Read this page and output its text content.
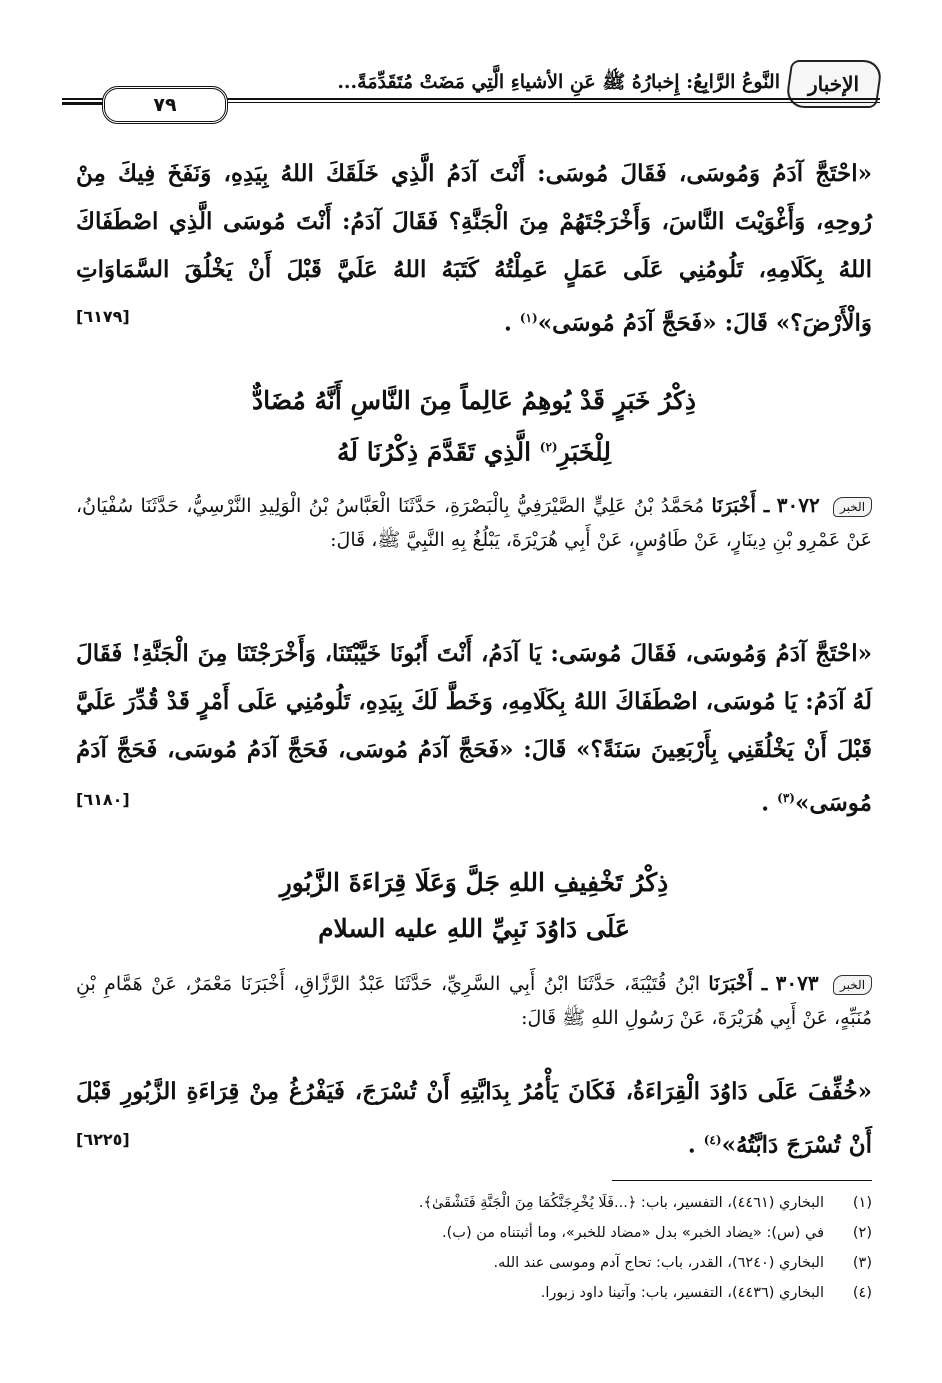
الإخبار
النَّوعُ الرَّابِعُ: إِخبارُهُ ﷺ عَنِ الأشياءِ الَّتِي مَضَتْ مُتَقَدِّمَةً...
٧٩
«احْتَجَّ آدَمُ وَمُوسَى، فَقَالَ مُوسَى: أَنْتَ آدَمُ الَّذِي خَلَقَكَ اللهُ بِيَدِهِ، وَنَفَخَ فِيكَ مِنْ رُوحِهِ، وَأَغْوَيْتَ النَّاسَ، وَأَخْرَجْتَهُمْ مِنَ الْجَنَّةِ؟ فَقَالَ آدَمُ: أَنْتَ مُوسَى الَّذِي اصْطَفَاكَ اللهُ بِكَلَامِهِ، تَلُومُنِي عَلَى عَمَلٍ عَمِلْتُهُ كَتَبَهُ اللهُ عَلَيَّ قَبْلَ أَنْ يَخْلُقَ السَّمَاوَاتِ وَالْأَرْضَ؟» قَالَ: «فَحَجَّ آدَمُ مُوسَى»$^{(١)}$ .
[٦١٧٩]
ذِكْرُ خَبَرٍ قَدْ يُوهِمُ عَالِماً مِنَ النَّاسِ أَنَّهُ مُضَادٌّ
لِلْخَبَرِ$^{(٢)}$ الَّذِي تَقَدَّمَ ذِكْرُنَا لَهُ
الخبر ٣٠٧٢ ـ أَخْبَرَنَا مُحَمَّدُ بْنُ عَلِيٍّ الصَّيْرَفِيُّ بِالْبَصْرَةِ، حَدَّثَنَا الْعَبَّاسُ بْنُ الْوَلِيدِ النَّرْسِيُّ، حَدَّثَنَا سُفْيَانُ، عَنْ عَمْرِو بْنِ دِينَارٍ، عَنْ طَاوُسٍ، عَنْ أَبِي هُرَيْرَةَ، يَبْلُغُ بِهِ النَّبِيَّ ﷺ، قَالَ:
«احْتَجَّ آدَمُ وَمُوسَى، فَقَالَ مُوسَى: يَا آدَمُ، أَنْتَ أَبُونَا خَيَّبْتَنَا، وَأَخْرَجْتَنَا مِنَ الْجَنَّةِ! فَقَالَ لَهُ آدَمُ: يَا مُوسَى، اصْطَفَاكَ اللهُ بِكَلَامِهِ، وَخَطَّ لَكَ بِيَدِهِ، تَلُومُنِي عَلَى أَمْرٍ قَدْ قُدِّرَ عَلَيَّ قَبْلَ أَنْ يَخْلُقَنِي بِأَرْبَعِينَ سَنَةً؟» قَالَ: «فَحَجَّ آدَمُ مُوسَى، فَحَجَّ آدَمُ مُوسَى، فَحَجَّ آدَمُ مُوسَى»$^{(٣)}$ .
[٦١٨٠]
ذِكْرُ تَخْفِيفِ اللهِ جَلَّ وَعَلَا قِرَاءَةَ الزَّبُورِ
عَلَى دَاوُدَ نَبِيِّ اللهِ عليه السلام
الخبر ٣٠٧٣ ـ أَخْبَرَنَا ابْنُ قُتَيْبَةَ، حَدَّثَنَا ابْنُ أَبِي السَّرِيِّ، حَدَّثَنَا عَبْدُ الرَّزَّاقِ، أَخْبَرَنَا مَعْمَرٌ، عَنْ هَمَّامِ بْنِ مُنَبِّهٍ، عَنْ أَبِي هُرَيْرَةَ، عَنْ رَسُولِ اللهِ ﷺ قَالَ:
«خُفِّفَ عَلَى دَاوُدَ الْقِرَاءَةُ، فَكَانَ يَأْمُرُ بِدَابَّتِهِ أَنْ تُسْرَجَ، فَيَفْرُغُ مِنْ قِرَاءَةِ الزَّبُورِ قَبْلَ أَنْ تُسْرَجَ دَابَّتُهُ»$^{(٤)}$ .
[٦٢٢٥]
(١)
البخاري (٤٤٦١)، التفسير، باب: ﴿...فَلَا يُخْرِجَنَّكُمَا مِنَ الْجَنَّةِ فَتَشْقَىٰ﴾.
(٢)
في (س): «يضاد الخبر» بدل «مضاد للخبر»، وما أثبتناه من (ب).
(٣)
البخاري (٦٢٤٠)، القدر، باب: تحاج آدم وموسى عند الله.
(٤)
البخاري (٤٤٣٦)، التفسير، باب: وآتينا داود زبورا.
